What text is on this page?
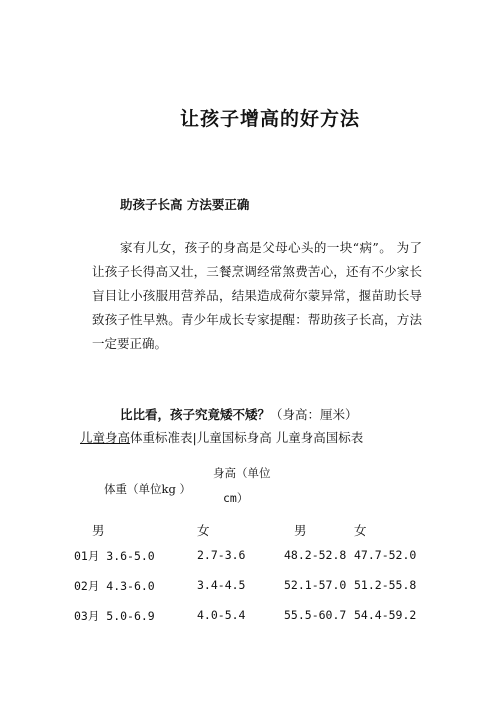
让孩子增高的好方法
助孩子长高 方法要正确

家有儿女，孩子的身高是父母心头的一块“病”。 为了让孩子长得高又壮，三餐烹调经常煞费苦心，还有不少家长盲目让小孩服用营养品，结果造成荷尔蒙异常，揠苗助长导致孩子性早熟。青少年成长专家提醒：帮助孩子长高，方法一定要正确。

比比看，孩子究竟矮不矮？（身高：厘米）
儿童身高体重标准表|儿童国标身高 儿童身高国标表
体重（单位kg ）
身高（单位
cm）
男	女	男	女
01月 3.6-5.0	2.7-3.6	48.2-52.8 47.7-52.0
02月 4.3-6.0	3.4-4.5	52.1-57.0 51.2-55.8
03月 5.0-6.9	4.0-5.4	55.5-60.7 54.4-59.2
